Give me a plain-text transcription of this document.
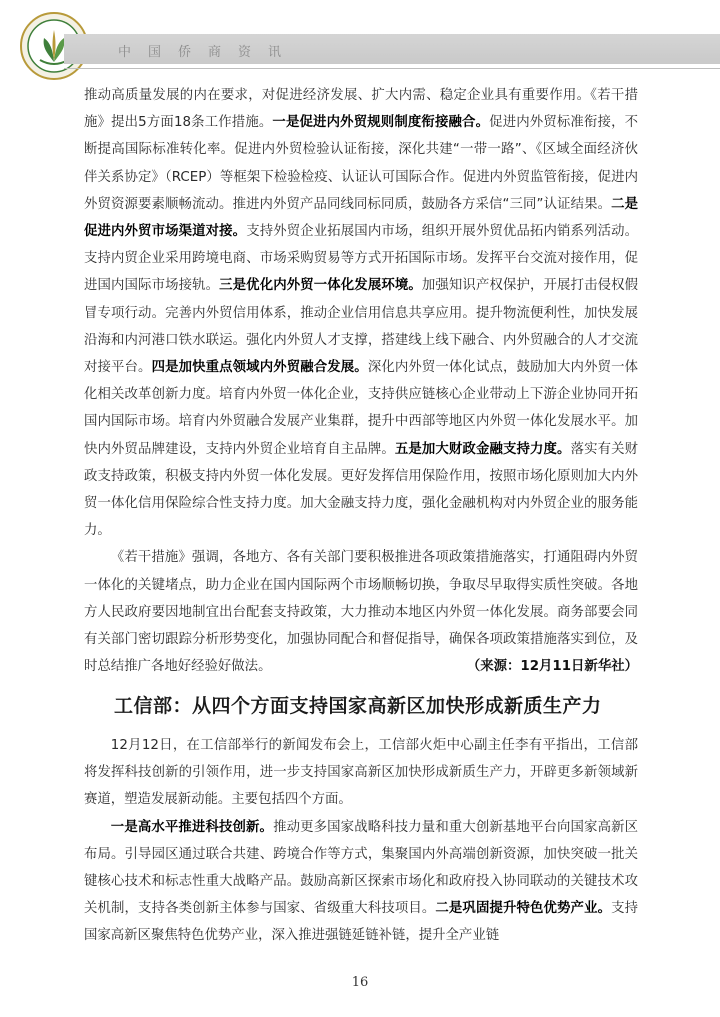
中国侨商资讯

推动高质量发展的内在要求，对促进经济发展、扩大内需、稳定企业具有重要作用。《若干措施》提出5方面18条工作措施。一是促进内外贸规则制度衔接融合。促进内外贸标准衔接，不断提高国际标准转化率。促进内外贸检验认证衔接，深化共建“一带一路”、《区域全面经济伙伴关系协定》（RCEP）等框架下检验检疫、认证认可国际合作。促进内外贸监管衔接，促进内外贸资源要素顺畅流动。推进内外贸产品同线同标同质，鼓励各方采信“三同”认证结果。二是促进内外贸市场渠道对接。支持外贸企业拓展国内市场，组织开展外贸优品拓内销系列活动。支持内贸企业采用跨境电商、市场采购贸易等方式开拓国际市场。发挥平台交流对接作用，促进国内国际市场接轨。三是优化内外贸一体化发展环境。加强知识产权保护，开展打击侵权假冒专项行动。完善内外贸信用体系，推动企业信用信息共享应用。提升物流便利性，加快发展沿海和内河港口铁水联运。强化内外贸人才支撑，搭建线上线下融合、内外贸融合的人才交流对接平台。四是加快重点领域内外贸融合发展。深化内外贸一体化试点，鼓励加大内外贸一体化相关改革创新力度。培育内外贸一体化企业，支持供应链核心企业带动上下游企业协同开拓国内国际市场。培育内外贸融合发展产业集群，提升中西部等地区内外贸一体化发展水平。加快内外贸品牌建设，支持内外贸企业培育自主品牌。五是加大财政金融支持力度。落实有关财政支持政策，积极支持内外贸一体化发展。更好发挥信用保险作用，按照市场化原则加大内外贸一体化信用保险综合性支持力度。加大金融支持力度，强化金融机构对内外贸企业的服务能力。

《若干措施》强调，各地方、各有关部门要积极推进各项政策措施落实，打通阻碍内外贸一体化的关键堵点，助力企业在国内国际两个市场顺畅切换，争取尽早取得实质性突破。各地方人民政府要因地制宜出台配套支持政策，大力推动本地区内外贸一体化发展。商务部要会同有关部门密切跟踪分析形势变化，加强协同配合和督促指导，确保各项政策措施落实到位，及时总结推广各地好经验好做法。	（来源：12月11日新华社）
工信部：从四个方面支持国家高新区加快形成新质生产力

12月12日，在工信部举行的新闻发布会上，工信部火炬中心副主任李有平指出，工信部将发挥科技创新的引领作用，进一步支持国家高新区加快形成新质生产力，开辟更多新领域新赛道，塑造发展新动能。主要包括四个方面。

一是高水平推进科技创新。推动更多国家战略科技力量和重大创新基地平台向国家高新区布局。引导园区通过联合共建、跨境合作等方式，集聚国内外高端创新资源，加快突破一批关键核心技术和标志性重大战略产品。鼓励高新区探索市场化和政府投入协同联动的关键技术攻关机制，支持各类创新主体参与国家、省级重大科技项目。二是巩固提升特色优势产业。支持国家高新区聚焦特色优势产业，深入推进强链延链补链，提升全产业链

16
